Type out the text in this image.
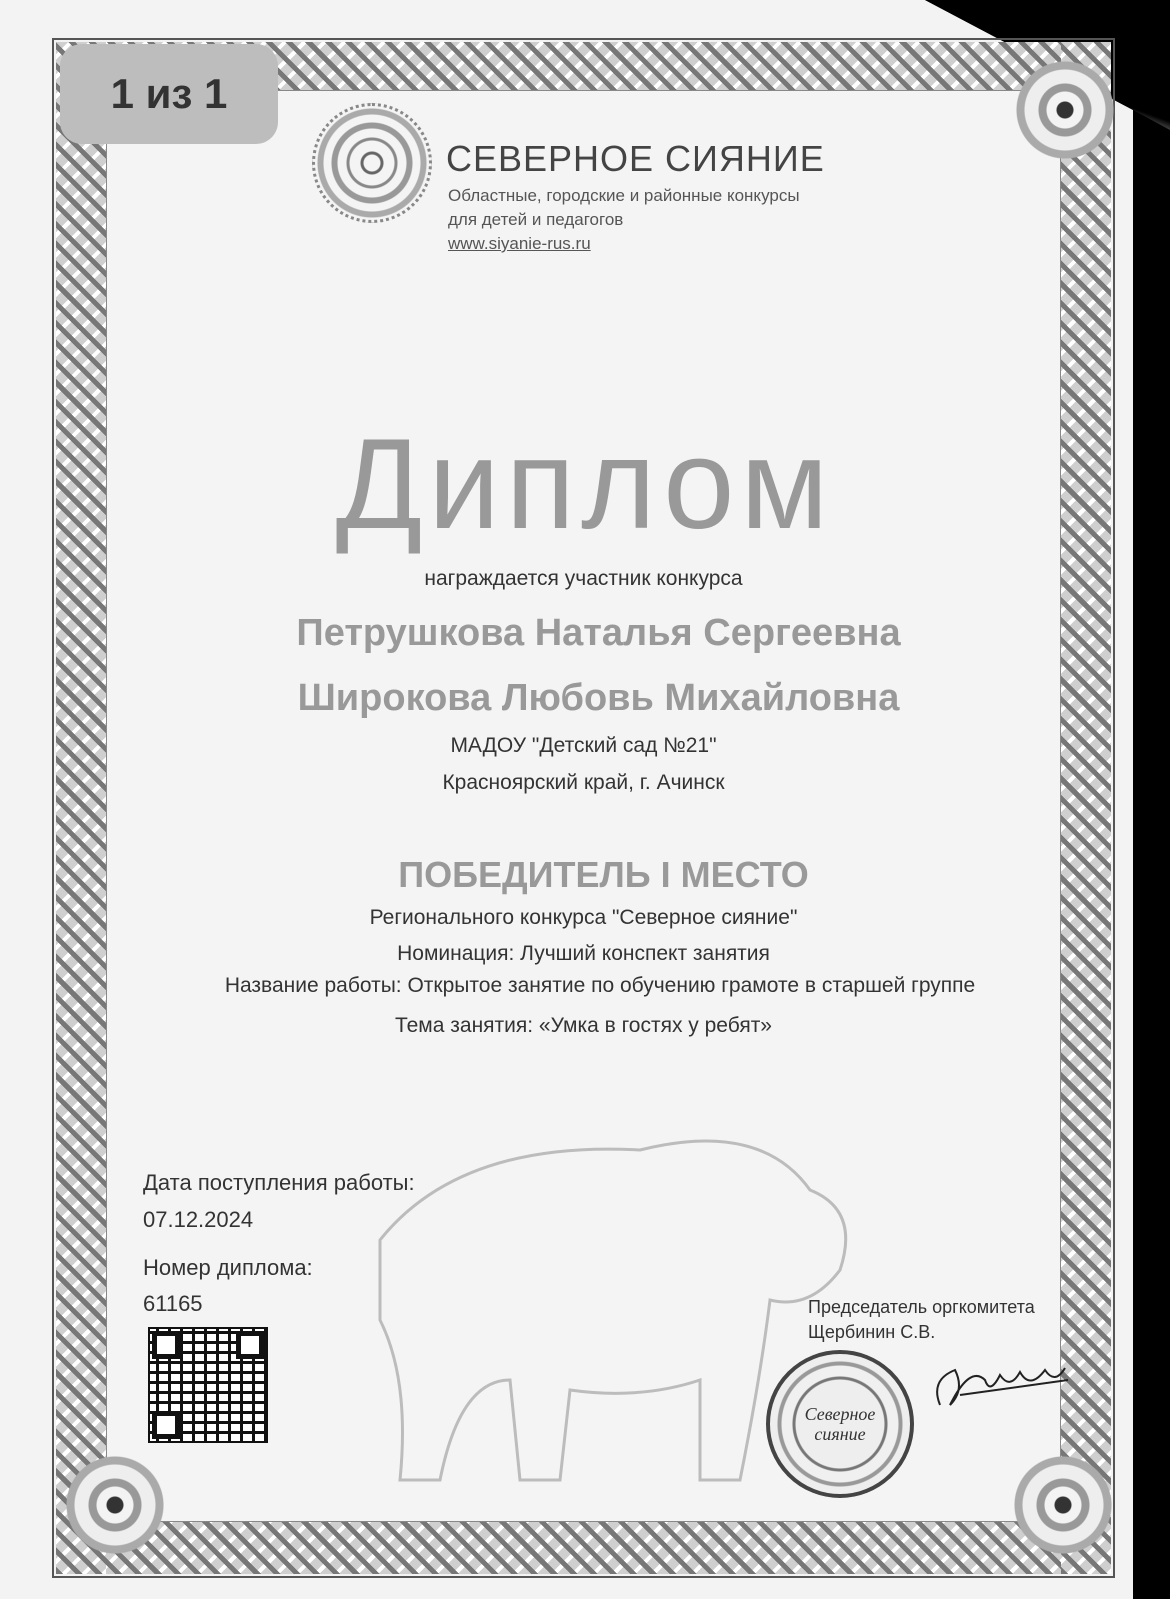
1 из 1
СЕВЕРНОЕ СИЯНИЕ
Областные, городские и районные конкурсы
для детей и педагогов
www.siyanie-rus.ru
Диплом
награждается участник конкурса
Петрушкова Наталья Сергеевна
Широкова Любовь Михайловна
МАДОУ "Детский сад №21"
Красноярский край, г. Ачинск
ПОБЕДИТЕЛЬ I МЕСТО
Регионального конкурса "Северное сияние"
Номинация: Лучший конспект занятия
Название работы: Открытое занятие по обучению грамоте в старшей группе
Тема занятия: «Умка в гостях у ребят»
Дата поступления работы:
07.12.2024
Номер диплома:
61165	Председатель оргкомитета
Щербинин С.В.
Северное
сияние
